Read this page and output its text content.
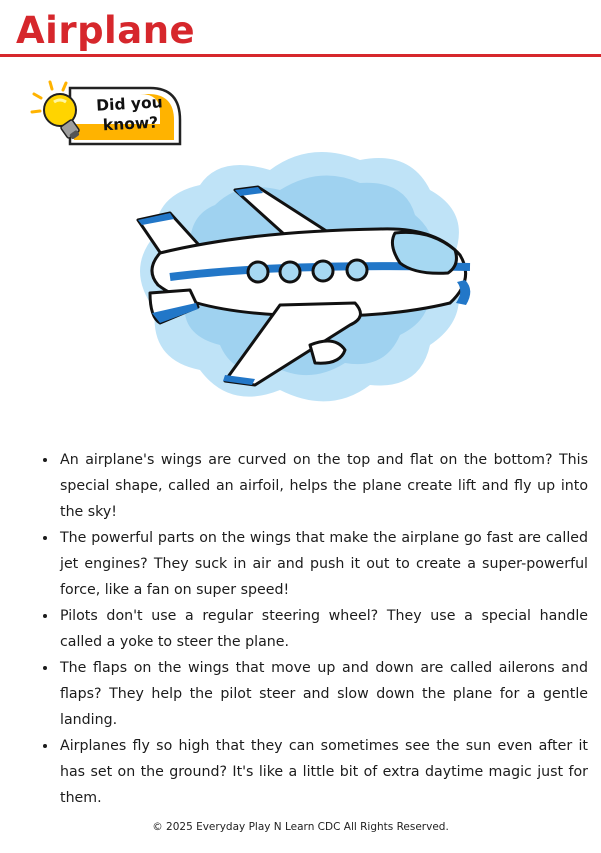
Airplane
Did you know?
• An airplane's wings are curved on the top and flat on the bottom? This special shape, called an airfoil, helps the plane create lift and fly up into the sky!
• The powerful parts on the wings that make the airplane go fast are called jet engines? They suck in air and push it out to create a super-powerful force, like a fan on super speed!
• Pilots don't use a regular steering wheel? They use a special handle called a yoke to steer the plane.
• The flaps on the wings that move up and down are called ailerons and flaps? They help the pilot steer and slow down the plane for a gentle landing.
• Airplanes fly so high that they can sometimes see the sun even after it has set on the ground? It's like a little bit of extra daytime magic just for them.
© 2025 Everyday Play N Learn CDC All Rights Reserved.
